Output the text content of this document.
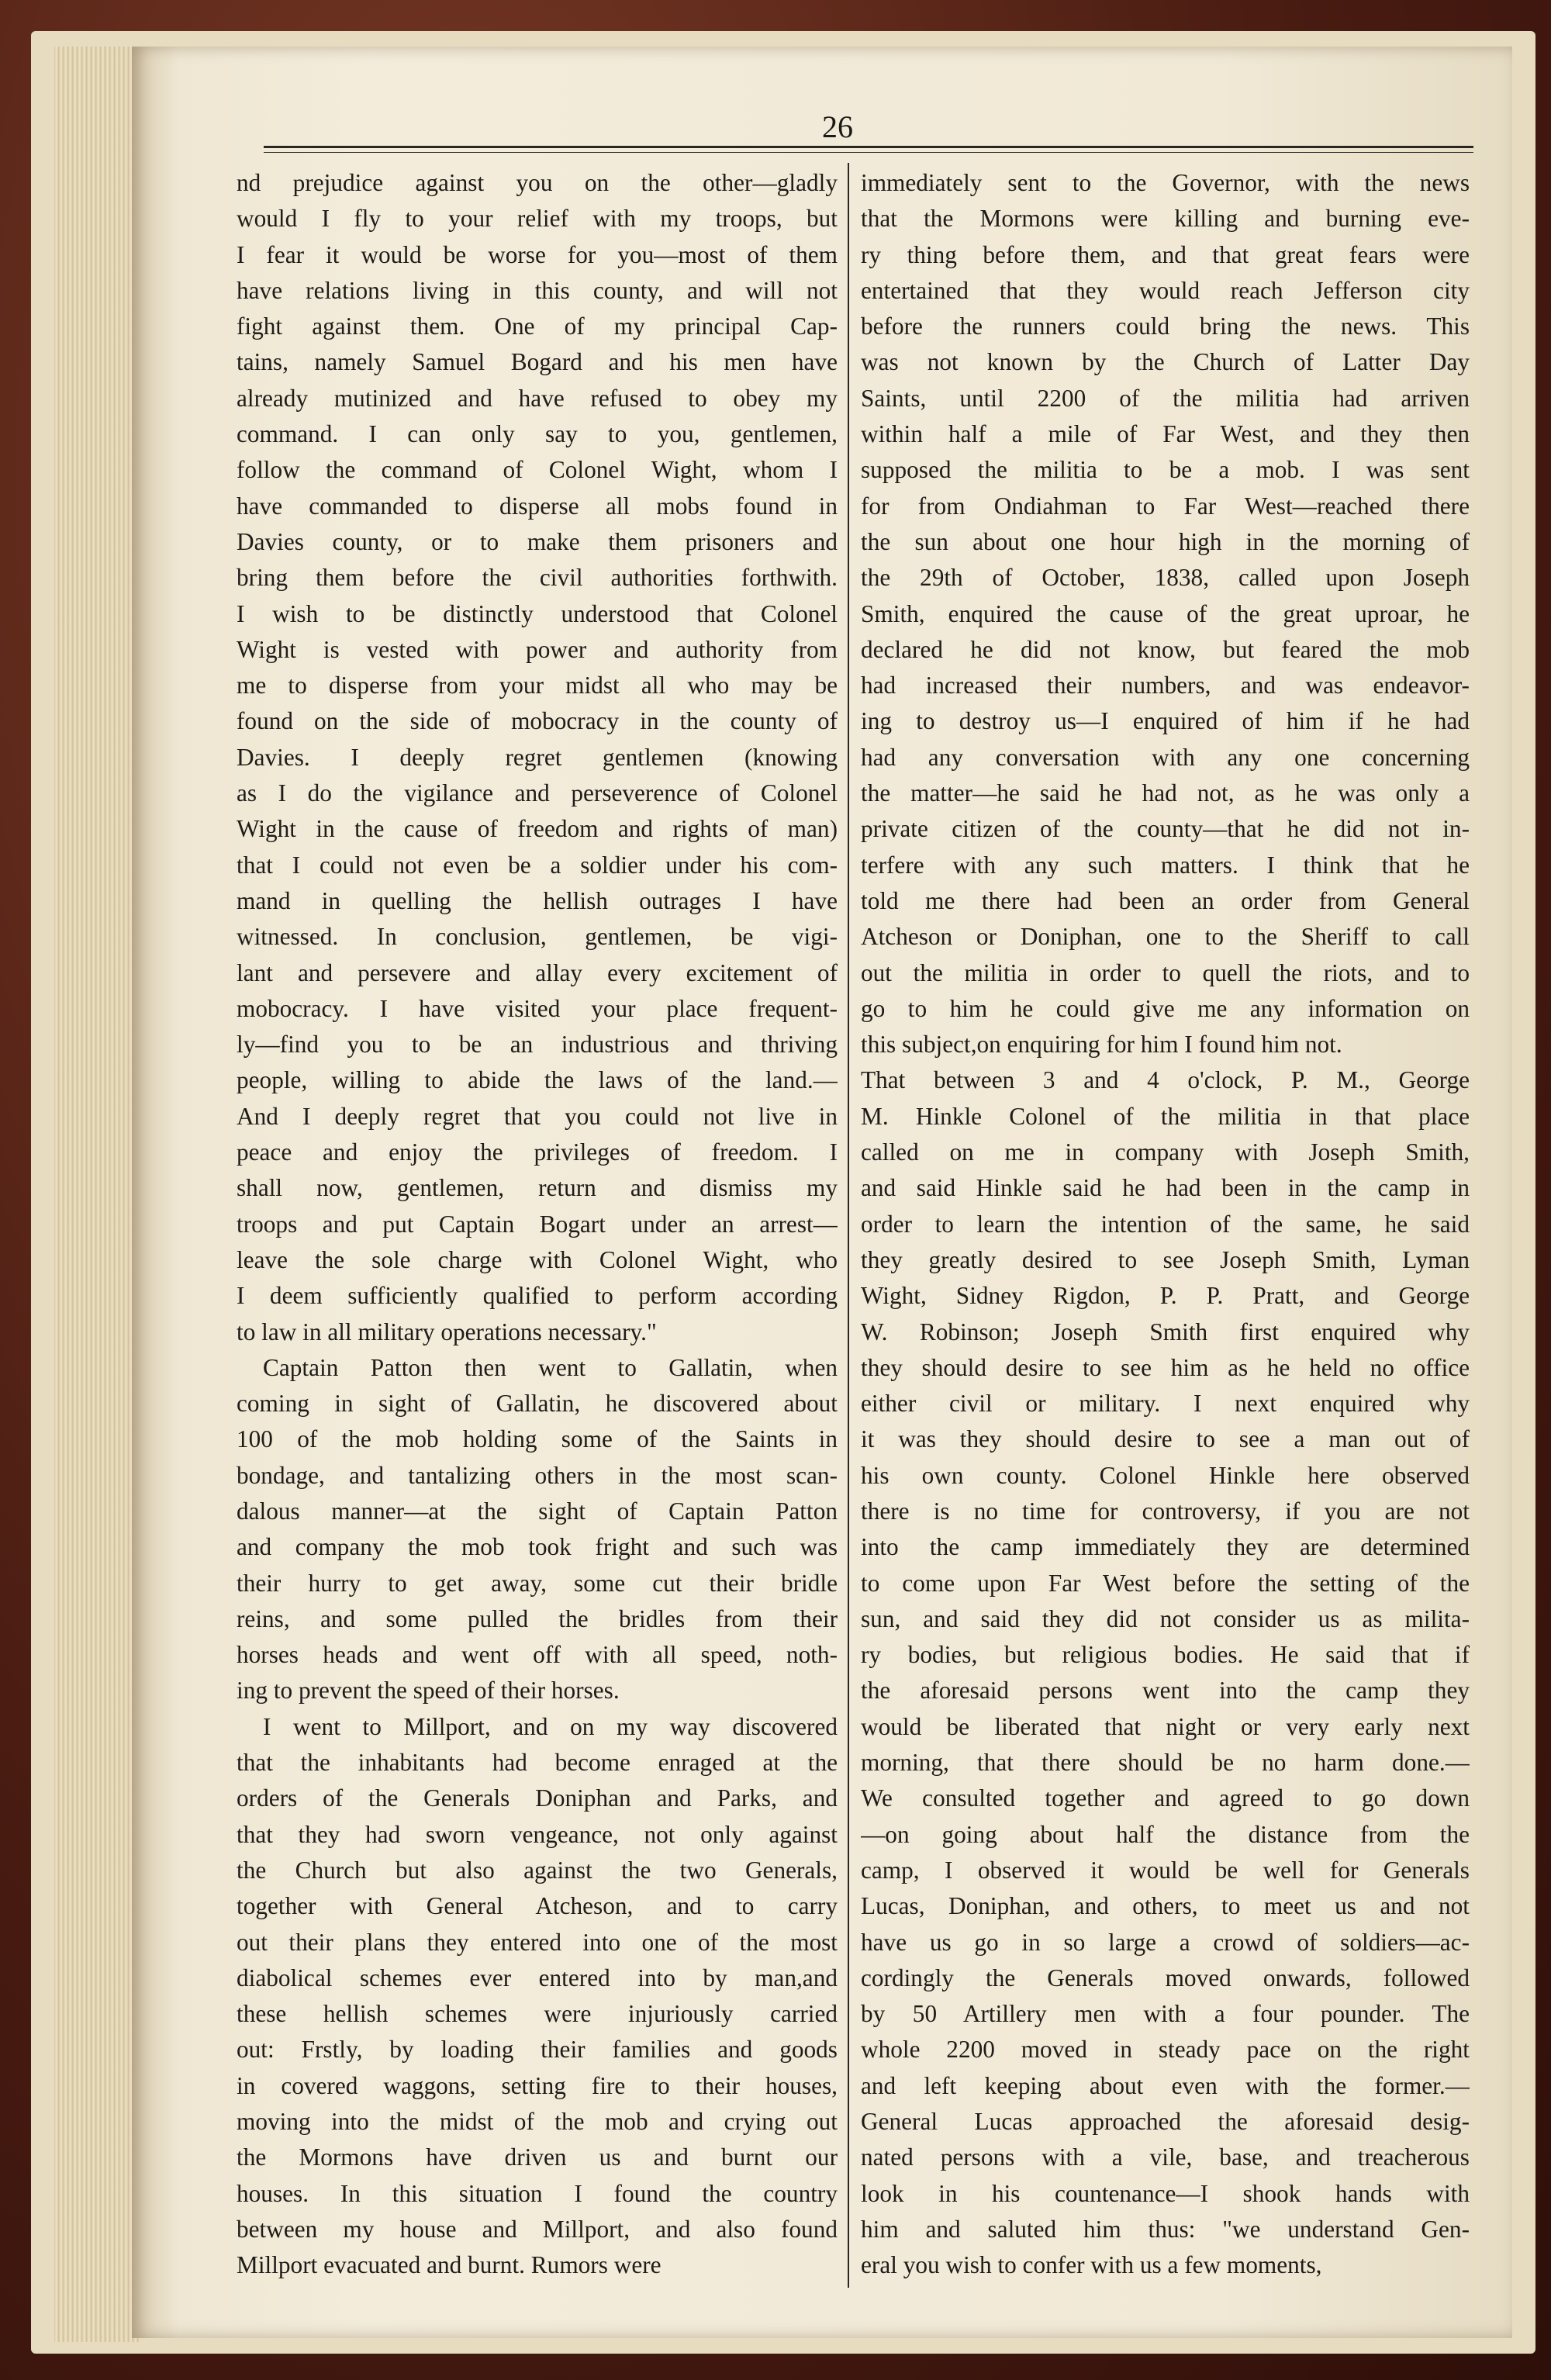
26
nd prejudice against you on the other—gladly
would I fly to your relief with my troops, but
I fear it would be worse for you—most of them
have relations living in this county, and will not
fight against them. One of my principal Cap-
tains, namely Samuel Bogard and his men have
already mutinized and have refused to obey my
command. I can only say to you, gentlemen,
follow the command of Colonel Wight, whom I
have commanded to disperse all mobs found in
Davies county, or to make them prisoners and
bring them before the civil authorities forthwith.
I wish to be distinctly understood that Colonel
Wight is vested with power and authority from
me to disperse from your midst all who may be
found on the side of mobocracy in the county of
Davies. I deeply regret gentlemen (knowing
as I do the vigilance and perseverence of Colonel
Wight in the cause of freedom and rights of man)
that I could not even be a soldier under his com-
mand in quelling the hellish outrages I have
witnessed. In conclusion, gentlemen, be vigi-
lant and persevere and allay every excitement of
mobocracy. I have visited your place frequent-
ly—find you to be an industrious and thriving
people, willing to abide the laws of the land.—
And I deeply regret that you could not live in
peace and enjoy the privileges of freedom. I
shall now, gentlemen, return and dismiss my
troops and put Captain Bogart under an arrest—
leave the sole charge with Colonel Wight, who
I deem sufficiently qualified to perform according
to law in all military operations necessary."
Captain Patton then went to Gallatin, when
coming in sight of Gallatin, he discovered about
100 of the mob holding some of the Saints in
bondage, and tantalizing others in the most scan-
dalous manner—at the sight of Captain Patton
and company the mob took fright and such was
their hurry to get away, some cut their bridle
reins, and some pulled the bridles from their
horses heads and went off with all speed, noth-
ing to prevent the speed of their horses.
I went to Millport, and on my way discovered
that the inhabitants had become enraged at the
orders of the Generals Doniphan and Parks, and
that they had sworn vengeance, not only against
the Church but also against the two Generals,
together with General Atcheson, and to carry
out their plans they entered into one of the most
diabolical schemes ever entered into by man,and
these hellish schemes were injuriously carried
out: Frstly, by loading their families and goods
in covered waggons, setting fire to their houses,
moving into the midst of the mob and crying out
the Mormons have driven us and burnt our
houses. In this situation I found the country
between my house and Millport, and also found
Millport evacuated and burnt. Rumors were
immediately sent to the Governor, with the news
that the Mormons were killing and burning eve-
ry thing before them, and that great fears were
entertained that they would reach Jefferson city
before the runners could bring the news. This
was not known by the Church of Latter Day
Saints, until 2200 of the militia had arriven
within half a mile of Far West, and they then
supposed the militia to be a mob. I was sent
for from Ondiahman to Far West—reached there
the sun about one hour high in the morning of
the 29th of October, 1838, called upon Joseph
Smith, enquired the cause of the great uproar, he
declared he did not know, but feared the mob
had increased their numbers, and was endeavor-
ing to destroy us—I enquired of him if he had
had any conversation with any one concerning
the matter—he said he had not, as he was only a
private citizen of the county—that he did not in-
terfere with any such matters. I think that he
told me there had been an order from General
Atcheson or Doniphan, one to the Sheriff to call
out the militia in order to quell the riots, and to
go to him he could give me any information on
this subject,on enquiring for him I found him not.
That between 3 and 4 o'clock, P. M., George
M. Hinkle Colonel of the militia in that place
called on me in company with Joseph Smith,
and said Hinkle said he had been in the camp in
order to learn the intention of the same, he said
they greatly desired to see Joseph Smith, Lyman
Wight, Sidney Rigdon, P. P. Pratt, and George
W. Robinson; Joseph Smith first enquired why
they should desire to see him as he held no office
either civil or military. I next enquired why
it was they should desire to see a man out of
his own county. Colonel Hinkle here observed
there is no time for controversy, if you are not
into the camp immediately they are determined
to come upon Far West before the setting of the
sun, and said they did not consider us as milita-
ry bodies, but religious bodies. He said that if
the aforesaid persons went into the camp they
would be liberated that night or very early next
morning, that there should be no harm done.—
We consulted together and agreed to go down
—on going about half the distance from the
camp, I observed it would be well for Generals
Lucas, Doniphan, and others, to meet us and not
have us go in so large a crowd of soldiers—ac-
cordingly the Generals moved onwards, followed
by 50 Artillery men with a four pounder. The
whole 2200 moved in steady pace on the right
and left keeping about even with the former.—
General Lucas approached the aforesaid desig-
nated persons with a vile, base, and treacherous
look in his countenance—I shook hands with
him and saluted him thus: "we understand Gen-
eral you wish to confer with us a few moments,
